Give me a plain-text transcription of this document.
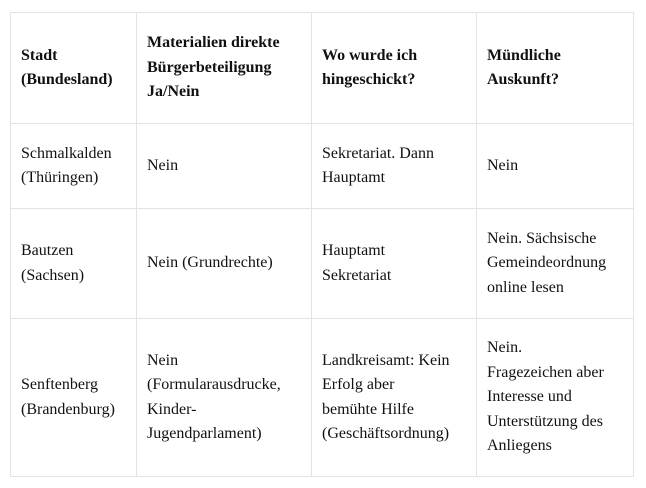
Stadt
(Bundesland)	Materialien direkte
Bürgerbeteiligung
Ja/Nein	Wo wurde ich
hingeschickt?	Mündliche
Auskunft?

Schmalkalden
(Thüringen)	Nein	Sekretariat. Dann
Hauptamt	Nein

Bautzen
(Sachsen)	Nein (Grundrechte)	Hauptamt
Sekretariat	Nein. Sächsische
Gemeindeordnung
online lesen

Senftenberg
(Brandenburg)	Nein
(Formularausdrucke,
Kinder-
Jugendparlament)	Landkreisamt: Kein
Erfolg aber
bemühte Hilfe
(Geschäftsordnung)	Nein.
Fragezeichen aber
Interesse und
Unterstützung des
Anliegens
